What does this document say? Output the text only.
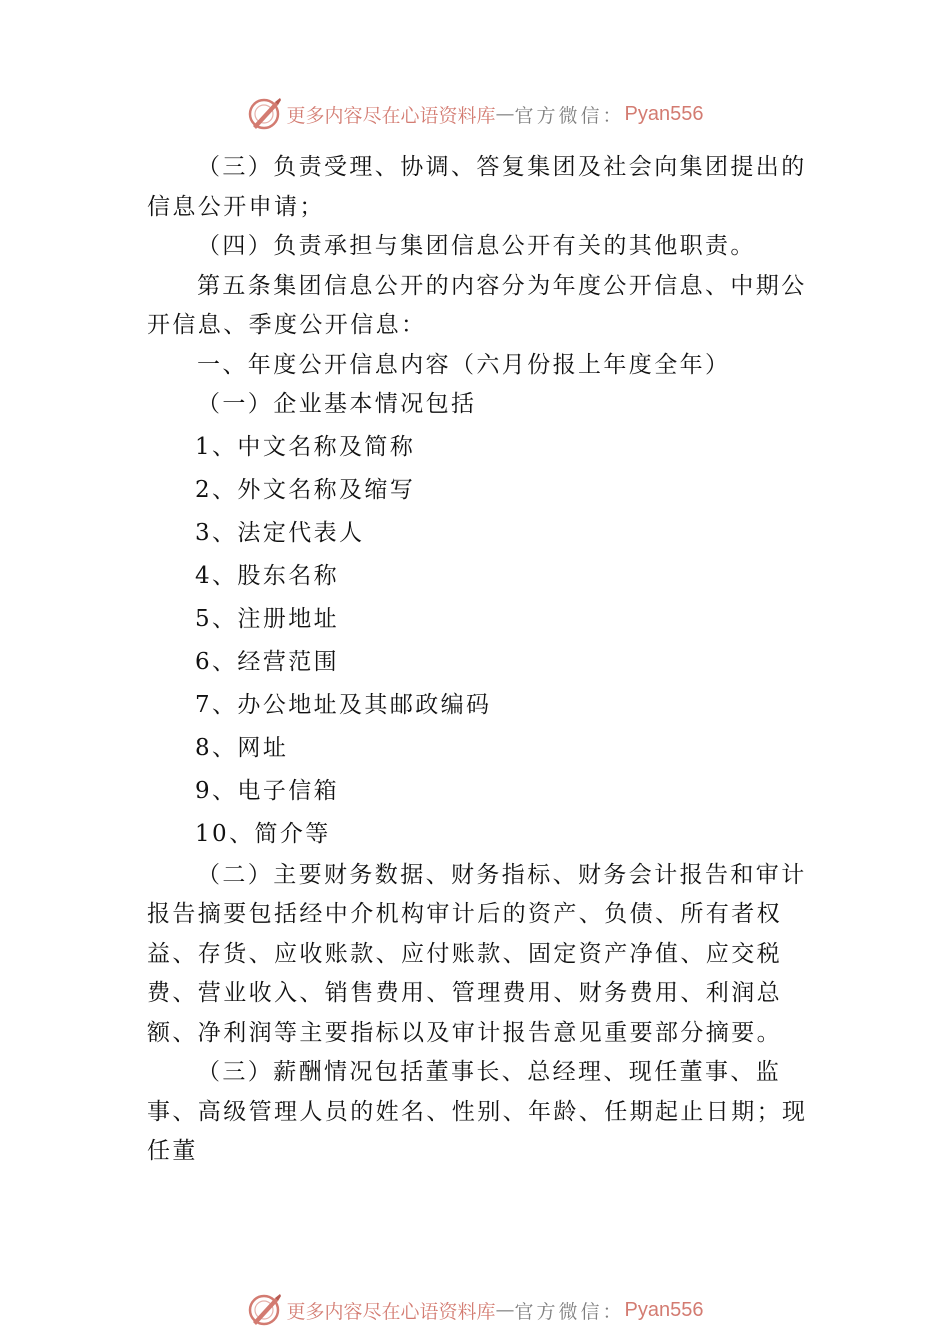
更多内容尽在心语资料库 — 官方微信： Pyan556

（三）负责受理、协调、答复集团及社会向集团提出的信息公开申请；

（四）负责承担与集团信息公开有关的其他职责。

第五条集团信息公开的内容分为年度公开信息、中期公开信息、季度公开信息：

一、年度公开信息内容（六月份报上年度全年）

（一）企业基本情况包括

1、中文名称及简称

2、外文名称及缩写

3、法定代表人

4、股东名称

5、注册地址

6、经营范围

7、办公地址及其邮政编码

8、网址

9、电子信箱

10、简介等

（二）主要财务数据、财务指标、财务会计报告和审计报告摘要包括经中介机构审计后的资产、负债、所有者权益、存货、应收账款、应付账款、固定资产净值、应交税费、营业收入、销售费用、管理费用、财务费用、利润总额、净利润等主要指标以及审计报告意见重要部分摘要。

（三）薪酬情况包括董事长、总经理、现任董事、监事、高级管理人员的姓名、性别、年龄、任期起止日期；现任董

更多内容尽在心语资料库 — 官方微信： Pyan556
